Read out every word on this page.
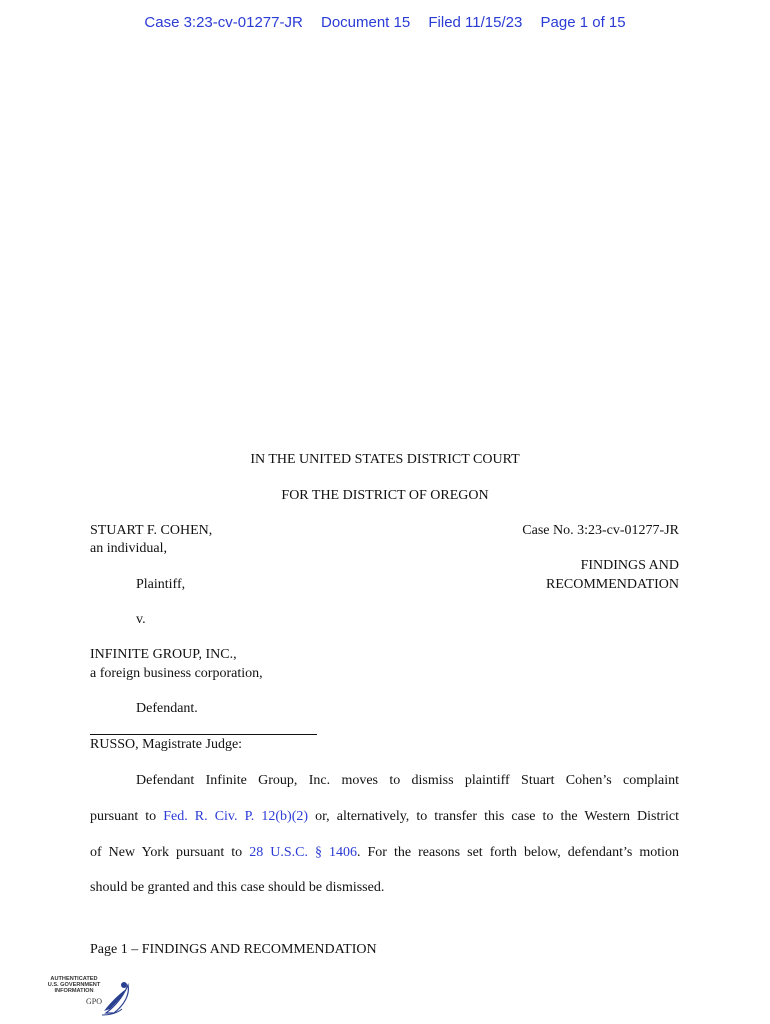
Case 3:23-cv-01277-JR Document 15 Filed 11/15/23 Page 1 of 15
IN THE UNITED STATES DISTRICT COURT
FOR THE DISTRICT OF OREGON
STUART F. COHEN,
an individual,
Plaintiff,
v.
INFINITE GROUP, INC.,
a foreign business corporation,
Defendant.
Case No. 3:23-cv-01277-JR
FINDINGS AND
RECOMMENDATION
RUSSO, Magistrate Judge:
Defendant Infinite Group, Inc. moves to dismiss plaintiff Stuart Cohen’s complaint
pursuant to Fed. R. Civ. P. 12(b)(2) or, alternatively, to transfer this case to the Western District
of New York pursuant to 28 U.S.C. § 1406. For the reasons set forth below, defendant’s motion
should be granted and this case should be dismissed.
Page 1 – FINDINGS AND RECOMMENDATION
AUTHENTICATED
U.S. GOVERNMENT
INFORMATION
GPO
